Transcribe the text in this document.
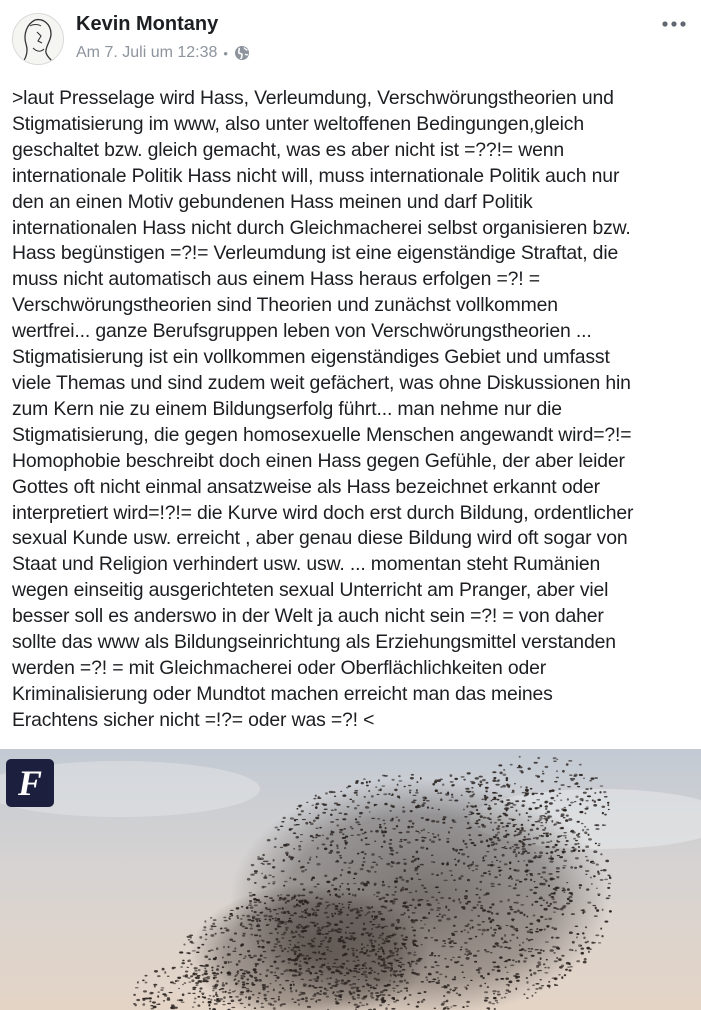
Kevin Montany
Am 7. Juli um 12:38 •

>laut Presselage wird Hass, Verleumdung, Verschwörungstheorien und
Stigmatisierung im www, also unter weltoffenen Bedingungen,gleich
geschaltet bzw. gleich gemacht, was es aber nicht ist =??!= wenn
internationale Politik Hass nicht will, muss internationale Politik auch nur
den an einen Motiv gebundenen Hass meinen und darf Politik
internationalen Hass nicht durch Gleichmacherei selbst organisieren bzw.
Hass begünstigen =?!= Verleumdung ist eine eigenständige Straftat, die
muss nicht automatisch aus einem Hass heraus erfolgen =?! =
Verschwörungstheorien sind Theorien und zunächst vollkommen
wertfrei... ganze Berufsgruppen leben von Verschwörungstheorien ...
Stigmatisierung ist ein vollkommen eigenständiges Gebiet und umfasst
viele Themas und sind zudem weit gefächert, was ohne Diskussionen hin
zum Kern nie zu einem Bildungserfolg führt... man nehme nur die
Stigmatisierung, die gegen homosexuelle Menschen angewandt wird=?!=
Homophobie beschreibt doch einen Hass gegen Gefühle, der aber leider
Gottes oft nicht einmal ansatzweise als Hass bezeichnet erkannt oder
interpretiert wird=!?!= die Kurve wird doch erst durch Bildung, ordentlicher
sexual Kunde usw. erreicht , aber genau diese Bildung wird oft sogar von
Staat und Religion verhindert usw. usw. ... momentan steht Rumänien
wegen einseitig ausgerichteten sexual Unterricht am Pranger, aber viel
besser soll es anderswo in der Welt ja auch nicht sein =?! = von daher
sollte das www als Bildungseinrichtung als Erziehungsmittel verstanden
werden =?! = mit Gleichmacherei oder Oberflächlichkeiten oder
Kriminalisierung oder Mundtot machen erreicht man das meines
Erachtens sicher nicht =!?= oder was =?! <

F
